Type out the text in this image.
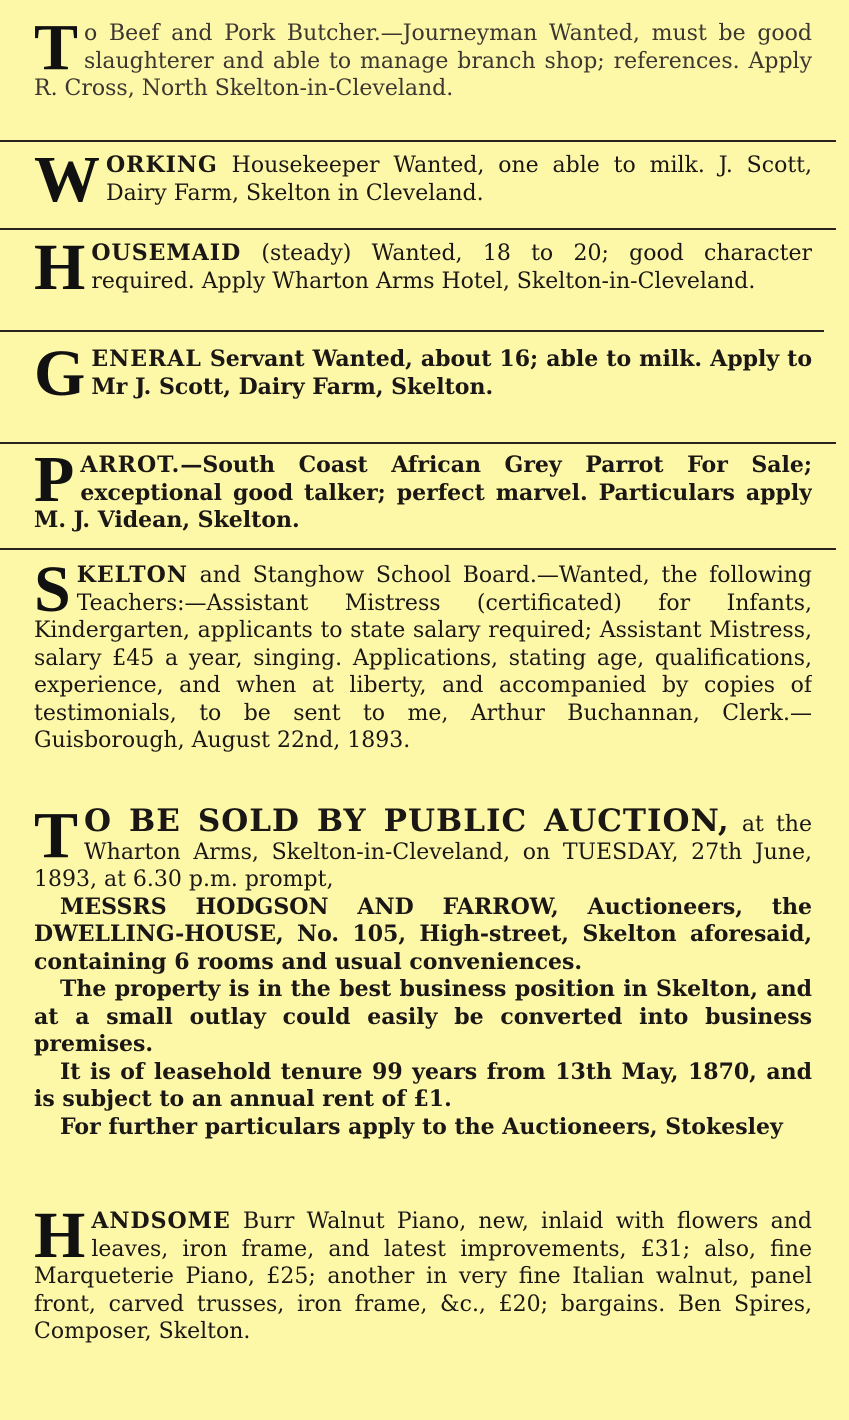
T o Beef and Pork Butcher.—Journeyman Wanted, must be good slaughterer and able to manage branch shop; references. Apply R. Cross, North Skelton-in-Cleveland.

W ORKING Housekeeper Wanted, one able to milk. J. Scott, Dairy Farm, Skelton in Cleveland.

H OUSEMAID (steady) Wanted, 18 to 20; good character required. Apply Wharton Arms Hotel, Skelton-in-Cleveland.

G ENERAL Servant Wanted, about 16; able to milk. Apply to Mr J. Scott, Dairy Farm, Skelton.

P ARROT.—South Coast African Grey Parrot For Sale; exceptional good talker; perfect marvel. Particulars apply M. J. Videan, Skelton.

S KELTON and Stanghow School Board.—Wanted, the following Teachers:—Assistant Mistress (certificated) for Infants, Kindergarten, applicants to state salary required; Assistant Mistress, salary £45 a year, singing. Applications, stating age, qualifications, experience, and when at liberty, and accompanied by copies of testimonials, to be sent to me, Arthur Buchannan, Clerk.—Guisborough, August 22nd, 1893.

T O BE SOLD BY PUBLIC AUCTION, at the Wharton Arms, Skelton-in-Cleveland, on TUESDAY, 27th June, 1893, at 6.30 p.m. prompt,

MESSRS HODGSON AND FARROW, Auctioneers, the DWELLING-HOUSE, No. 105, High-street, Skelton aforesaid, containing 6 rooms and usual conveniences.

The property is in the best business position in Skelton, and at a small outlay could easily be converted into business premises.

It is of leasehold tenure 99 years from 13th May, 1870, and is subject to an annual rent of £1.

For further particulars apply to the Auctioneers, Stokesley

H ANDSOME Burr Walnut Piano, new, inlaid with flowers and leaves, iron frame, and latest improvements, £31; also, fine Marqueterie Piano, £25; another in very fine Italian walnut, panel front, carved trusses, iron frame, &c., £20; bargains. Ben Spires, Composer, Skelton.
